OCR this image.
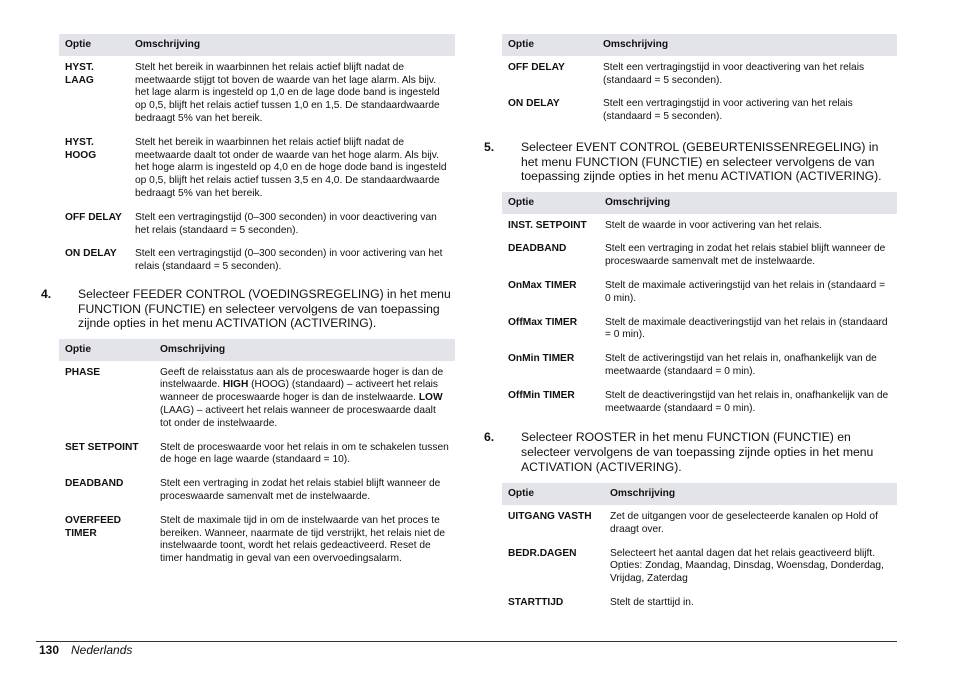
Optie	Omschrijving
HYST. LAAG	Stelt het bereik in waarbinnen het relais actief blijft nadat de meetwaarde stijgt tot boven de waarde van het lage alarm. Als bijv. het lage alarm is ingesteld op 1,0 en de lage dode band is ingesteld op 0,5, blijft het relais actief tussen 1,0 en 1,5. De standaardwaarde bedraagt 5% van het bereik.
HYST. HOOG	Stelt het bereik in waarbinnen het relais actief blijft nadat de meetwaarde daalt tot onder de waarde van het hoge alarm. Als bijv. het hoge alarm is ingesteld op 4,0 en de hoge dode band is ingesteld op 0,5, blijft het relais actief tussen 3,5 en 4,0. De standaardwaarde bedraagt 5% van het bereik.
OFF DELAY	Stelt een vertragingstijd (0–300 seconden) in voor deactivering van het relais (standaard = 5 seconden).
ON DELAY	Stelt een vertragingstijd (0–300 seconden) in voor activering van het relais (standaard = 5 seconden).
4. Selecteer FEEDER CONTROL (VOEDINGSREGELING) in het menu FUNCTION (FUNCTIE) en selecteer vervolgens de van toepassing zijnde opties in het menu ACTIVATION (ACTIVERING).
Optie	Omschrijving
PHASE	Geeft de relaisstatus aan als de proceswaarde hoger is dan de instelwaarde. HIGH (HOOG) (standaard) – activeert het relais wanneer de proceswaarde hoger is dan de instelwaarde. LOW (LAAG) – activeert het relais wanneer de proceswaarde daalt tot onder de instelwaarde.
SET SETPOINT	Stelt de proceswaarde voor het relais in om te schakelen tussen de hoge en lage waarde (standaard = 10).
DEADBAND	Stelt een vertraging in zodat het relais stabiel blijft wanneer de proceswaarde samenvalt met de instelwaarde.
OVERFEED TIMER	Stelt de maximale tijd in om de instelwaarde van het proces te bereiken. Wanneer, naarmate de tijd verstrijkt, het relais niet de instelwaarde toont, wordt het relais gedeactiveerd. Reset de timer handmatig in geval van een overvoedingsalarm.
Optie	Omschrijving
OFF DELAY	Stelt een vertragingstijd in voor deactivering van het relais (standaard = 5 seconden).
ON DELAY	Stelt een vertragingstijd in voor activering van het relais (standaard = 5 seconden).
5. Selecteer EVENT CONTROL (GEBEURTENISSENREGELING) in het menu FUNCTION (FUNCTIE) en selecteer vervolgens de van toepassing zijnde opties in het menu ACTIVATION (ACTIVERING).
Optie	Omschrijving
INST. SETPOINT	Stelt de waarde in voor activering van het relais.
DEADBAND	Stelt een vertraging in zodat het relais stabiel blijft wanneer de proceswaarde samenvalt met de instelwaarde.
OnMax TIMER	Stelt de maximale activeringstijd van het relais in (standaard = 0 min).
OffMax TIMER	Stelt de maximale deactiveringstijd van het relais in (standaard = 0 min).
OnMin TIMER	Stelt de activeringstijd van het relais in, onafhankelijk van de meetwaarde (standaard = 0 min).
OffMin TIMER	Stelt de deactiveringstijd van het relais in, onafhankelijk van de meetwaarde (standaard = 0 min).
6. Selecteer ROOSTER in het menu FUNCTION (FUNCTIE) en selecteer vervolgens de van toepassing zijnde opties in het menu ACTIVATION (ACTIVERING).
Optie	Omschrijving
UITGANG VASTH	Zet de uitgangen voor de geselecteerde kanalen op Hold of draagt over.
BEDR.DAGEN	Selecteert het aantal dagen dat het relais geactiveerd blijft. Opties: Zondag, Maandag, Dinsdag, Woensdag, Donderdag, Vrijdag, Zaterdag
STARTTIJD	Stelt de starttijd in.
130 Nederlands
